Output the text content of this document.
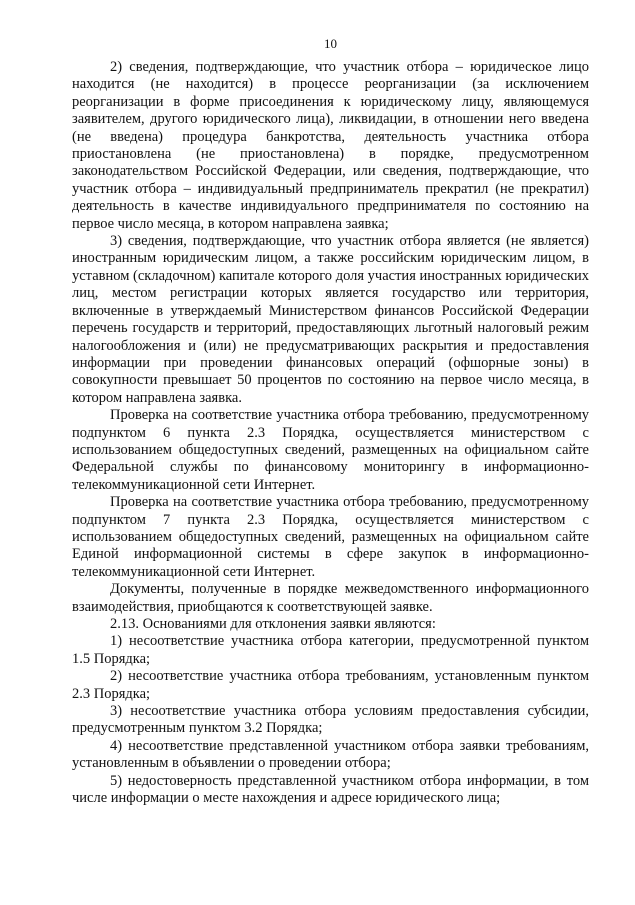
10

2) сведения, подтверждающие, что участник отбора – юридическое лицо находится (не находится) в процессе реорганизации (за исключением реорганизации в форме присоединения к юридическому лицу, являющемуся заявителем, другого юридического лица), ликвидации, в отношении него введена (не введена) процедура банкротства, деятельность участника отбора приостановлена (не приостановлена) в порядке, предусмотренном законодательством Российской Федерации, или сведения, подтверждающие, что участник отбора – индивидуальный предприниматель прекратил (не прекратил) деятельность в качестве индивидуального предпринимателя по состоянию на первое число месяца, в котором направлена заявка;

3) сведения, подтверждающие, что участник отбора является (не является) иностранным юридическим лицом, а также российским юридическим лицом, в уставном (складочном) капитале которого доля участия иностранных юридических лиц, местом регистрации которых является государство или территория, включенные в утверждаемый Министерством финансов Российской Федерации перечень государств и территорий, предоставляющих льготный налоговый режим налогообложения и (или) не предусматривающих раскрытия и предоставления информации при проведении финансовых операций (офшорные зоны) в совокупности превышает 50 процентов по состоянию на первое число месяца, в котором направлена заявка.

Проверка на соответствие участника отбора требованию, предусмотренному подпунктом 6 пункта 2.3 Порядка, осуществляется министерством с использованием общедоступных сведений, размещенных на официальном сайте Федеральной службы по финансовому мониторингу в информационно-телекоммуникационной сети Интернет.

Проверка на соответствие участника отбора требованию, предусмотренному подпунктом 7 пункта 2.3 Порядка, осуществляется министерством с использованием общедоступных сведений, размещенных на официальном сайте Единой информационной системы в сфере закупок в информационно-телекоммуникационной сети Интернет.

Документы, полученные в порядке межведомственного информационного взаимодействия, приобщаются к соответствующей заявке.

2.13. Основаниями для отклонения заявки являются:

1) несоответствие участника отбора категории, предусмотренной пунктом 1.5 Порядка;

2) несоответствие участника отбора требованиям, установленным пунктом 2.3 Порядка;

3) несоответствие участника отбора условиям предоставления субсидии, предусмотренным пунктом 3.2 Порядка;

4) несоответствие представленной участником отбора заявки требованиям, установленным в объявлении о проведении отбора;

5) недостоверность представленной участником отбора информации, в том числе информации о месте нахождения и адресе юридического лица;
